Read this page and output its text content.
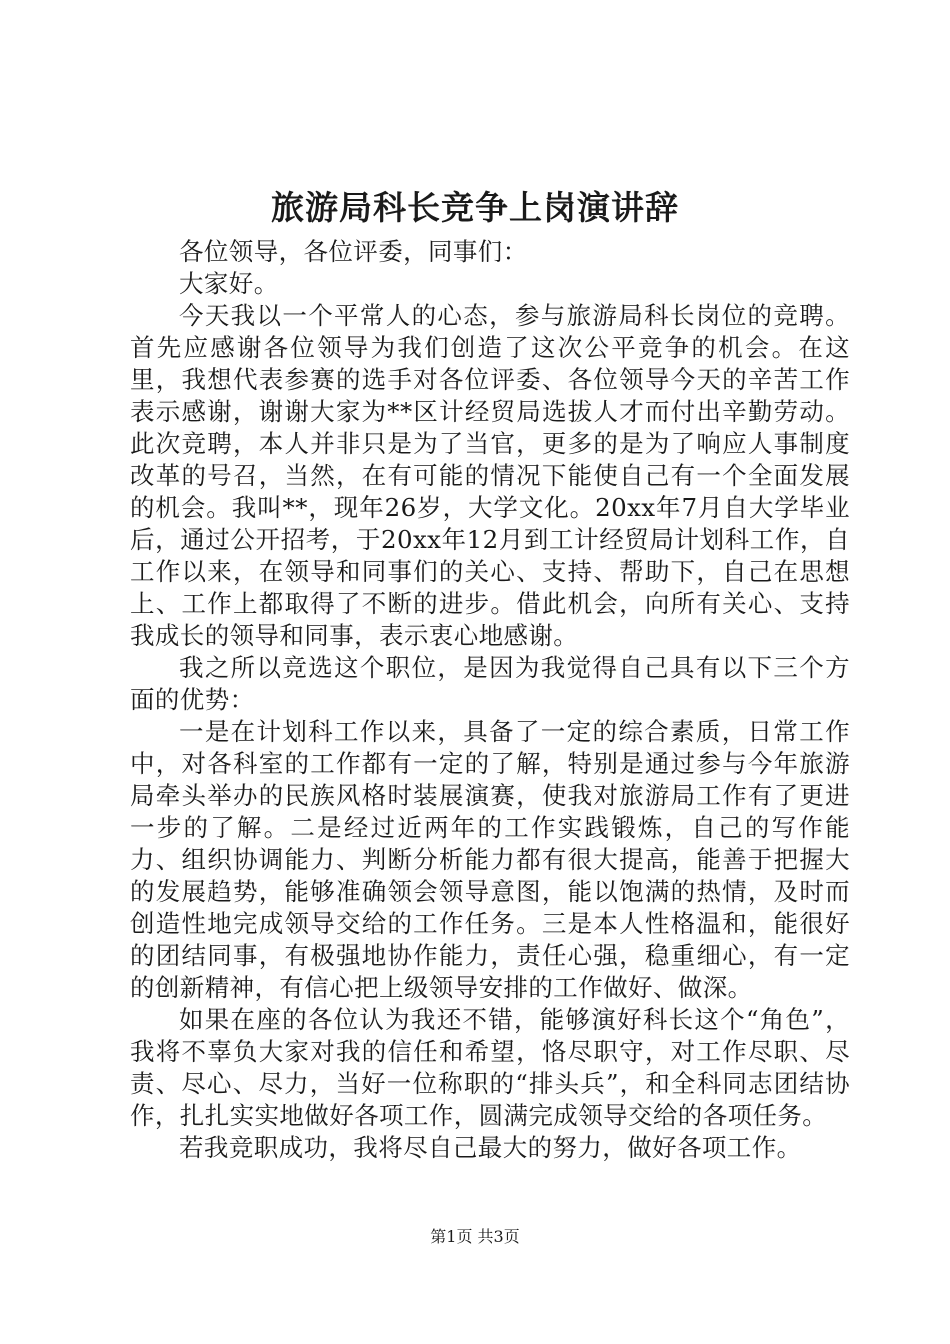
旅游局科长竞争上岗演讲辞

各位领导，各位评委，同事们：

大家好。

今天我以一个平常人的心态，参与旅游局科长岗位的竞聘。首先应感谢各位领导为我们创造了这次公平竞争的机会。在这里，我想代表参赛的选手对各位评委、各位领导今天的辛苦工作表示感谢，谢谢大家为**区计经贸局选拔人才而付出辛勤劳动。此次竞聘，本人并非只是为了当官，更多的是为了响应人事制度改革的号召，当然，在有可能的情况下能使自己有一个全面发展的机会。我叫**，现年26岁，大学文化。20xx年7月自大学毕业后，通过公开招考，于20xx年12月到工计经贸局计划科工作，自工作以来，在领导和同事们的关心、支持、帮助下，自己在思想上、工作上都取得了不断的进步。借此机会，向所有关心、支持我成长的领导和同事，表示衷心地感谢。

我之所以竞选这个职位，是因为我觉得自己具有以下三个方面的优势：

一是在计划科工作以来，具备了一定的综合素质，日常工作中，对各科室的工作都有一定的了解，特别是通过参与今年旅游局牵头举办的民族风格时装展演赛，使我对旅游局工作有了更进一步的了解。二是经过近两年的工作实践锻炼，自己的写作能力、组织协调能力、判断分析能力都有很大提高，能善于把握大的发展趋势，能够准确领会领导意图，能以饱满的热情，及时而创造性地完成领导交给的工作任务。三是本人性格温和，能很好的团结同事，有极强地协作能力，责任心强，稳重细心，有一定的创新精神，有信心把上级领导安排的工作做好、做深。

如果在座的各位认为我还不错，能够演好科长这个“角色”，我将不辜负大家对我的信任和希望，恪尽职守，对工作尽职、尽责、尽心、尽力，当好一位称职的“排头兵”，和全科同志团结协作，扎扎实实地做好各项工作，圆满完成领导交给的各项任务。

若我竞职成功，我将尽自己最大的努力，做好各项工作。

第1页 共3页
